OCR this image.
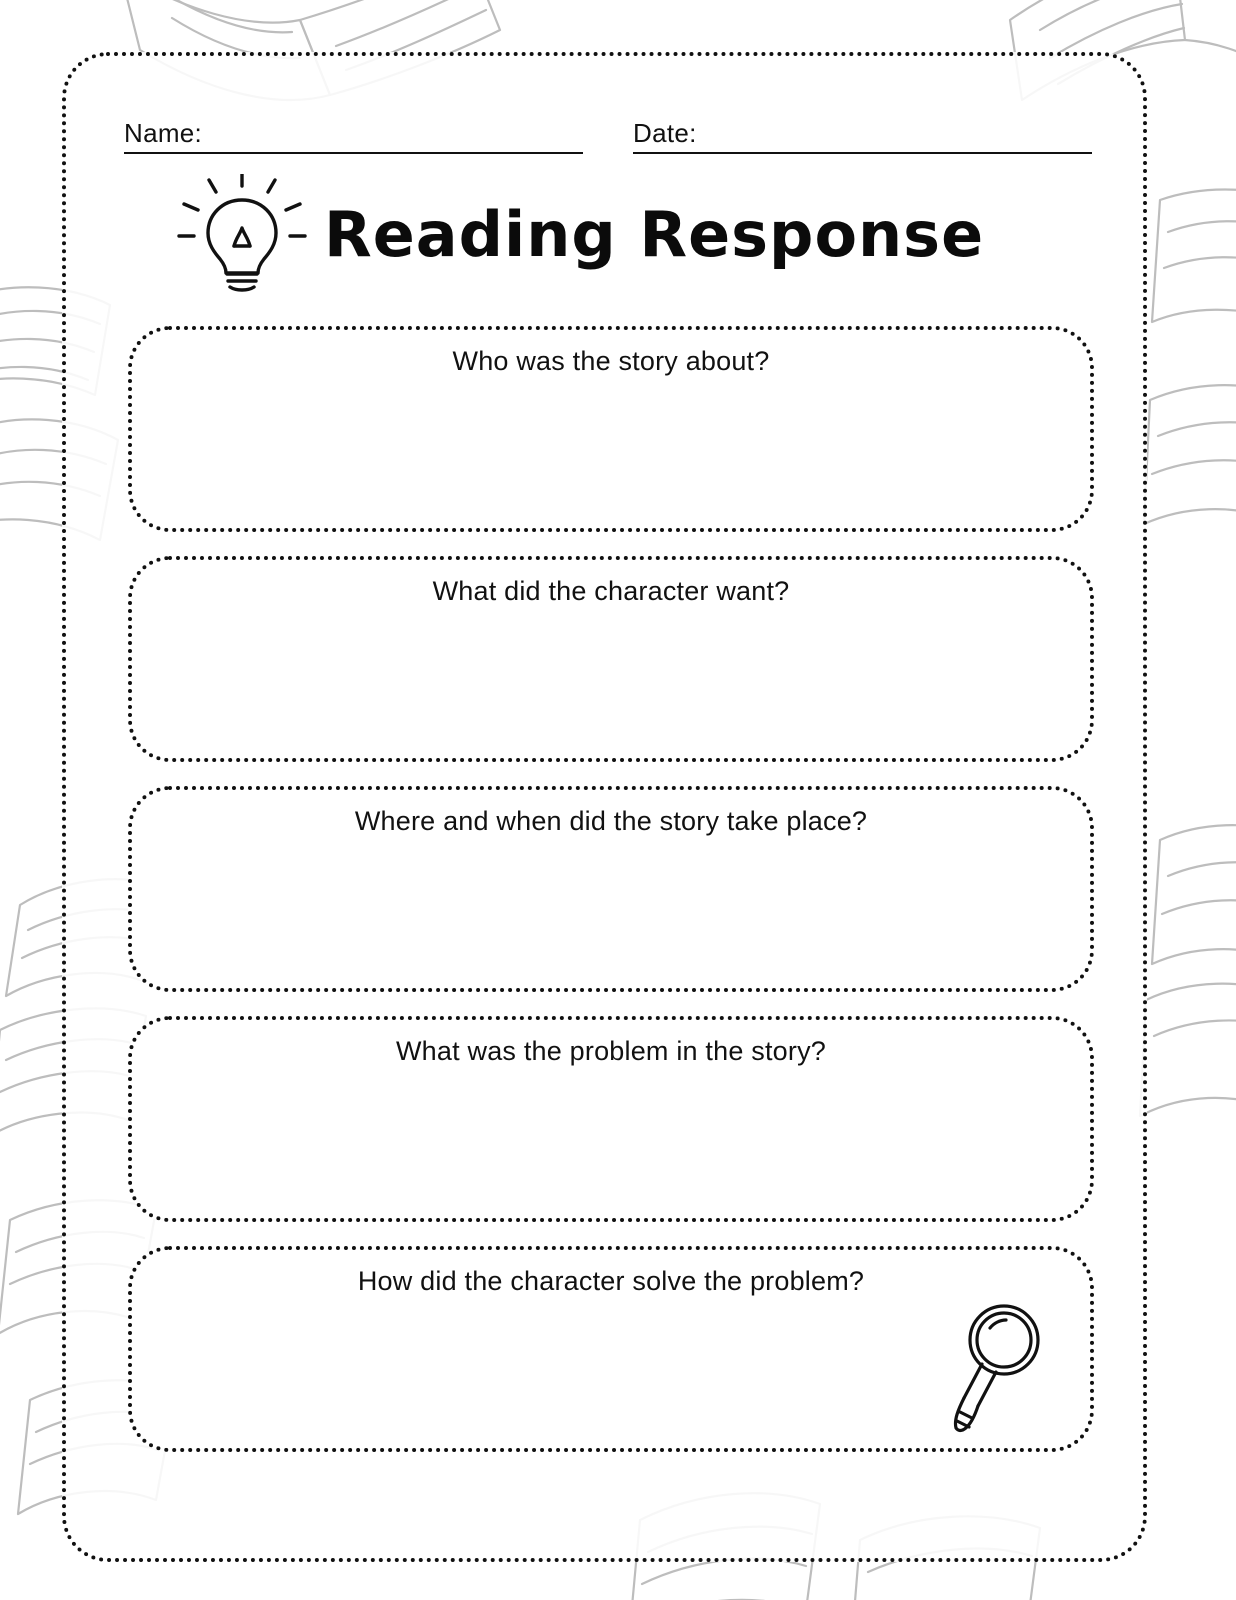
Name:	Date:
Reading Response
Who was the story about?
What did the character want?
Where and when did the story take place?
What was the problem in the story?
How did the character solve the problem?
